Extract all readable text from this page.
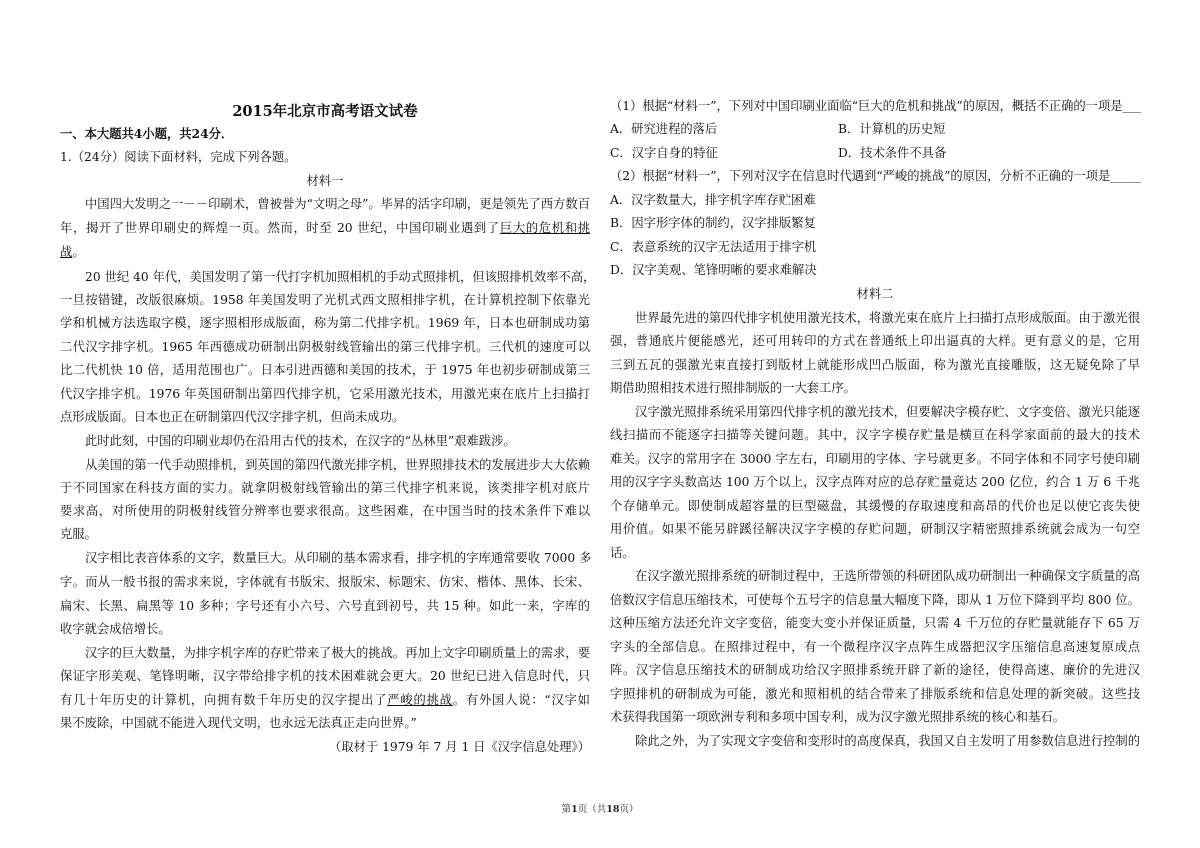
2015年北京市高考语文试卷

一、本大题共4小题，共24分．

1.（24分）阅读下面材料，完成下列各题。

材料一

中国四大发明之一－－印刷术，曾被誉为“文明之母”。毕昇的活字印刷，更是领先了西方数百

年，揭开了世界印刷史的辉煌一页。然而，时至 20 世纪，中国印刷业遇到了巨大的危机和挑

战。

20 世纪 40 年代，美国发明了第一代打字机加照相机的手动式照排机，但该照排机效率不高，

一旦按错键，改版很麻烦。1958 年美国发明了光机式西文照相排字机，在计算机控制下依靠光

学和机械方法选取字模，逐字照相形成版面，称为第二代排字机。1969 年，日本也研制成功第

二代汉字排字机。1965 年西德成功研制出阴极射线管输出的第三代排字机。三代机的速度可以

比二代机快 10 倍，适用范围也广。日本引进西德和美国的技术，于 1975 年也初步研制成第三

代汉字排字机。1976 年英国研制出第四代排字机，它采用激光技术，用激光束在底片上扫描打

点形成版面。日本也正在研制第四代汉字排字机，但尚未成功。

此时此刻，中国的印刷业却仍在沿用古代的技术，在汉字的“丛林里”艰难跋涉。

从美国的第一代手动照排机，到英国的第四代激光排字机，世界照排技术的发展进步大大依赖

于不同国家在科技方面的实力。就拿阴极射线管输出的第三代排字机来说，该类排字机对底片

要求高，对所使用的阴极射线管分辨率也要求很高。这些困难，在中国当时的技术条件下难以

克服。

汉字相比表音体系的文字，数量巨大。从印刷的基本需求看，排字机的字库通常要收 7000 多

字。而从一般书报的需求来说，字体就有书版宋、报版宋、标题宋、仿宋、楷体、黑体、长宋、

扁宋、长黑、扁黑等 10 多种；字号还有小六号、六号直到初号，共 15 种。如此一来，字库的

收字就会成倍增长。

汉字的巨大数量，为排字机字库的存贮带来了极大的挑战。再加上文字印刷质量上的需求，要

保证字形美观、笔锋明晰，汉字带给排字机的技术困难就会更大。20 世纪已进入信息时代，只

有几十年历史的计算机，向拥有数千年历史的汉字提出了严峻的挑战。有外国人说：“汉字如

果不废除，中国就不能进入现代文明，也永远无法真正走向世界。”

（取材于 1979 年 7 月 1 日《汉字信息处理》）

（1）根据“材料一”，下列对中国印刷业面临“巨大的危机和挑战”的原因，概括不正确的一项是___

A．研究进程的落后	B．计算机的历史短

C．汉字自身的特征	D．技术条件不具备

（2）根据“材料一”，下列对汉字在信息时代遇到“严峻的挑战”的原因，分析不正确的一项是_____

A．汉字数量大，排字机字库存贮困难

B．因字形字体的制约，汉字排版繁复

C．表意系统的汉字无法适用于排字机

D．汉字美观、笔锋明晰的要求难解决

材料二

世界最先进的第四代排字机使用激光技术，将激光束在底片上扫描打点形成版面。由于激光很

强，普通底片便能感光，还可用转印的方式在普通纸上印出逼真的大样。更有意义的是，它用

三到五瓦的强激光束直接打到版材上就能形成凹凸版面，称为激光直接雕版，这无疑免除了早

期借助照相技术进行照排制版的一大套工序。

汉字激光照排系统采用第四代排字机的激光技术，但要解决字模存贮、文字变倍、激光只能逐

线扫描而不能逐字扫描等关键问题。其中，汉字字模存贮量是横亘在科学家面前的最大的技术

难关。汉字的常用字在 3000 字左右，印刷用的字体、字号就更多。不同字体和不同字号使印刷

用的汉字字头数高达 100 万个以上，汉字点阵对应的总存贮量竟达 200 亿位，约合 1 万 6 千兆

个存储单元。即使制成超容量的巨型磁盘，其缓慢的存取速度和高昂的代价也足以使它丧失使

用价值。如果不能另辟蹊径解决汉字字模的存贮问题，研制汉字精密照排系统就会成为一句空

话。

在汉字激光照排系统的研制过程中，王选所带领的科研团队成功研制出一种确保文字质量的高

倍数汉字信息压缩技术，可使每个五号字的信息量大幅度下降，即从 1 万位下降到平均 800 位。

这种压缩方法还允许文字变倍，能变大变小并保证质量，只需 4 千万位的存贮量就能存下 65 万

字头的全部信息。在照排过程中，有一个微程序汉字点阵生成器把汉字压缩信息高速复原成点

阵。汉字信息压缩技术的研制成功给汉字照排系统开辟了新的途径，使得高速、廉价的先进汉

字照排机的研制成为可能，激光和照相机的结合带来了排版系统和信息处理的新突破。这些技

术获得我国第一项欧洲专利和多项中国专利，成为汉字激光照排系统的核心和基石。

除此之外，为了实现文字变倍和变形时的高度保真，我国又自主发明了用参数信息进行控制的

第1页（共18页）
